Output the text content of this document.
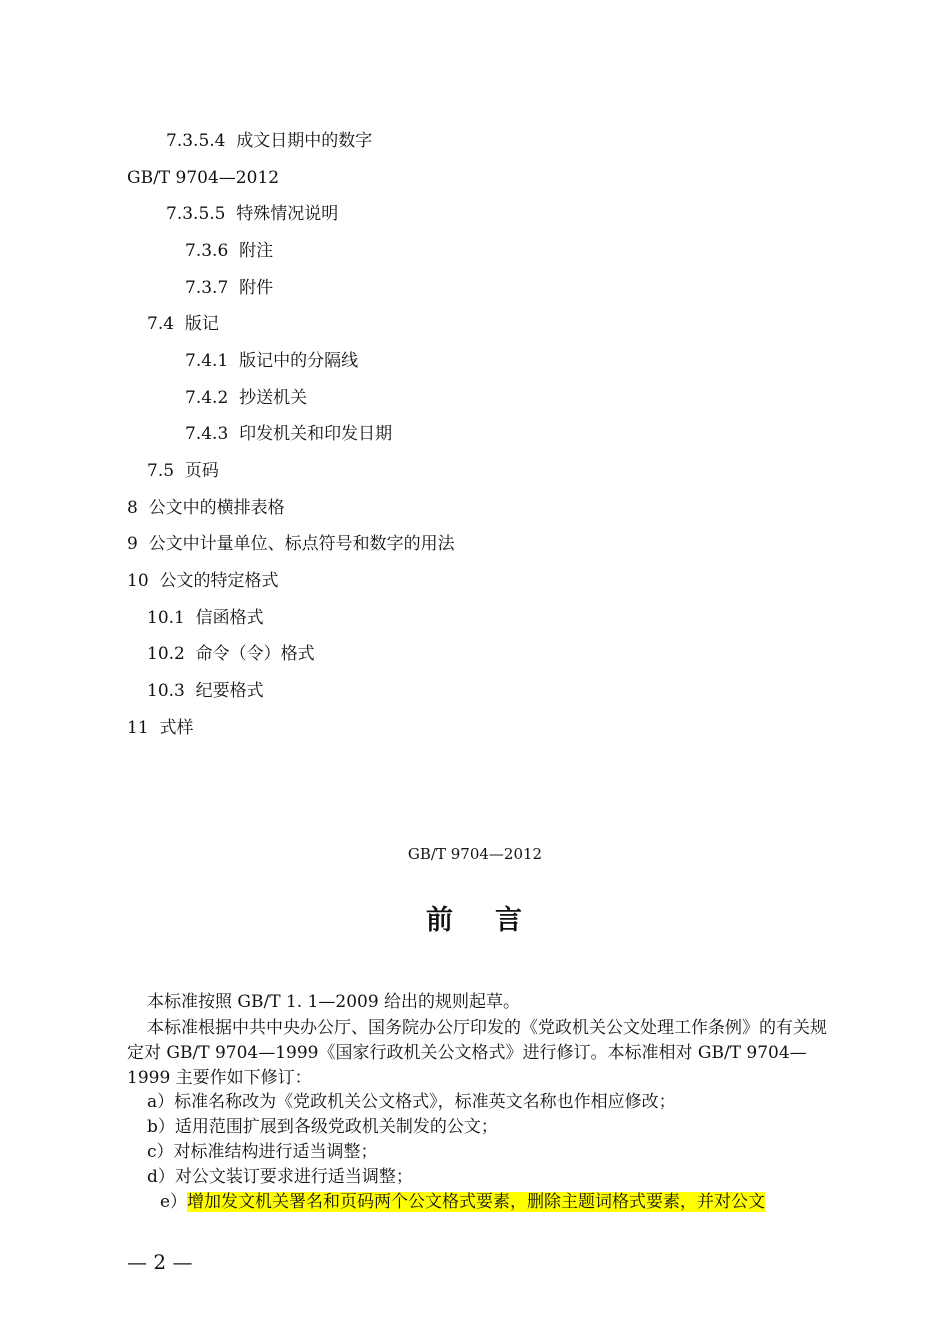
7.3.5.4 成文日期中的数字
GB/T 9704—2012
7.3.5.5 特殊情况说明
7.3.6 附注
7.3.7 附件
7.4 版记
7.4.1 版记中的分隔线
7.4.2 抄送机关
7.4.3 印发机关和印发日期
7.5 页码
8 公文中的横排表格
9 公文中计量单位、标点符号和数字的用法
10 公文的特定格式
10.1 信函格式
10.2 命令（令）格式
10.3 纪要格式
11 式样
GB/T 9704—2012
前 言
本标准按照 GB/T 1. 1—2009 给出的规则起草。
本标准根据中共中央办公厅、国务院办公厅印发的《党政机关公文处理工作条例》的有关规定对 GB/T 9704—1999《国家行政机关公文格式》进行修订。本标准相对 GB/T 9704—1999 主要作如下修订：
a）标准名称改为《党政机关公文格式》，标准英文名称也作相应修改；
b）适用范围扩展到各级党政机关制发的公文；
c）对标准结构进行适当调整；
d）对公文装订要求进行适当调整；
e）增加发文机关署名和页码两个公文格式要素，删除主题词格式要素，并对公文
— 2 —
